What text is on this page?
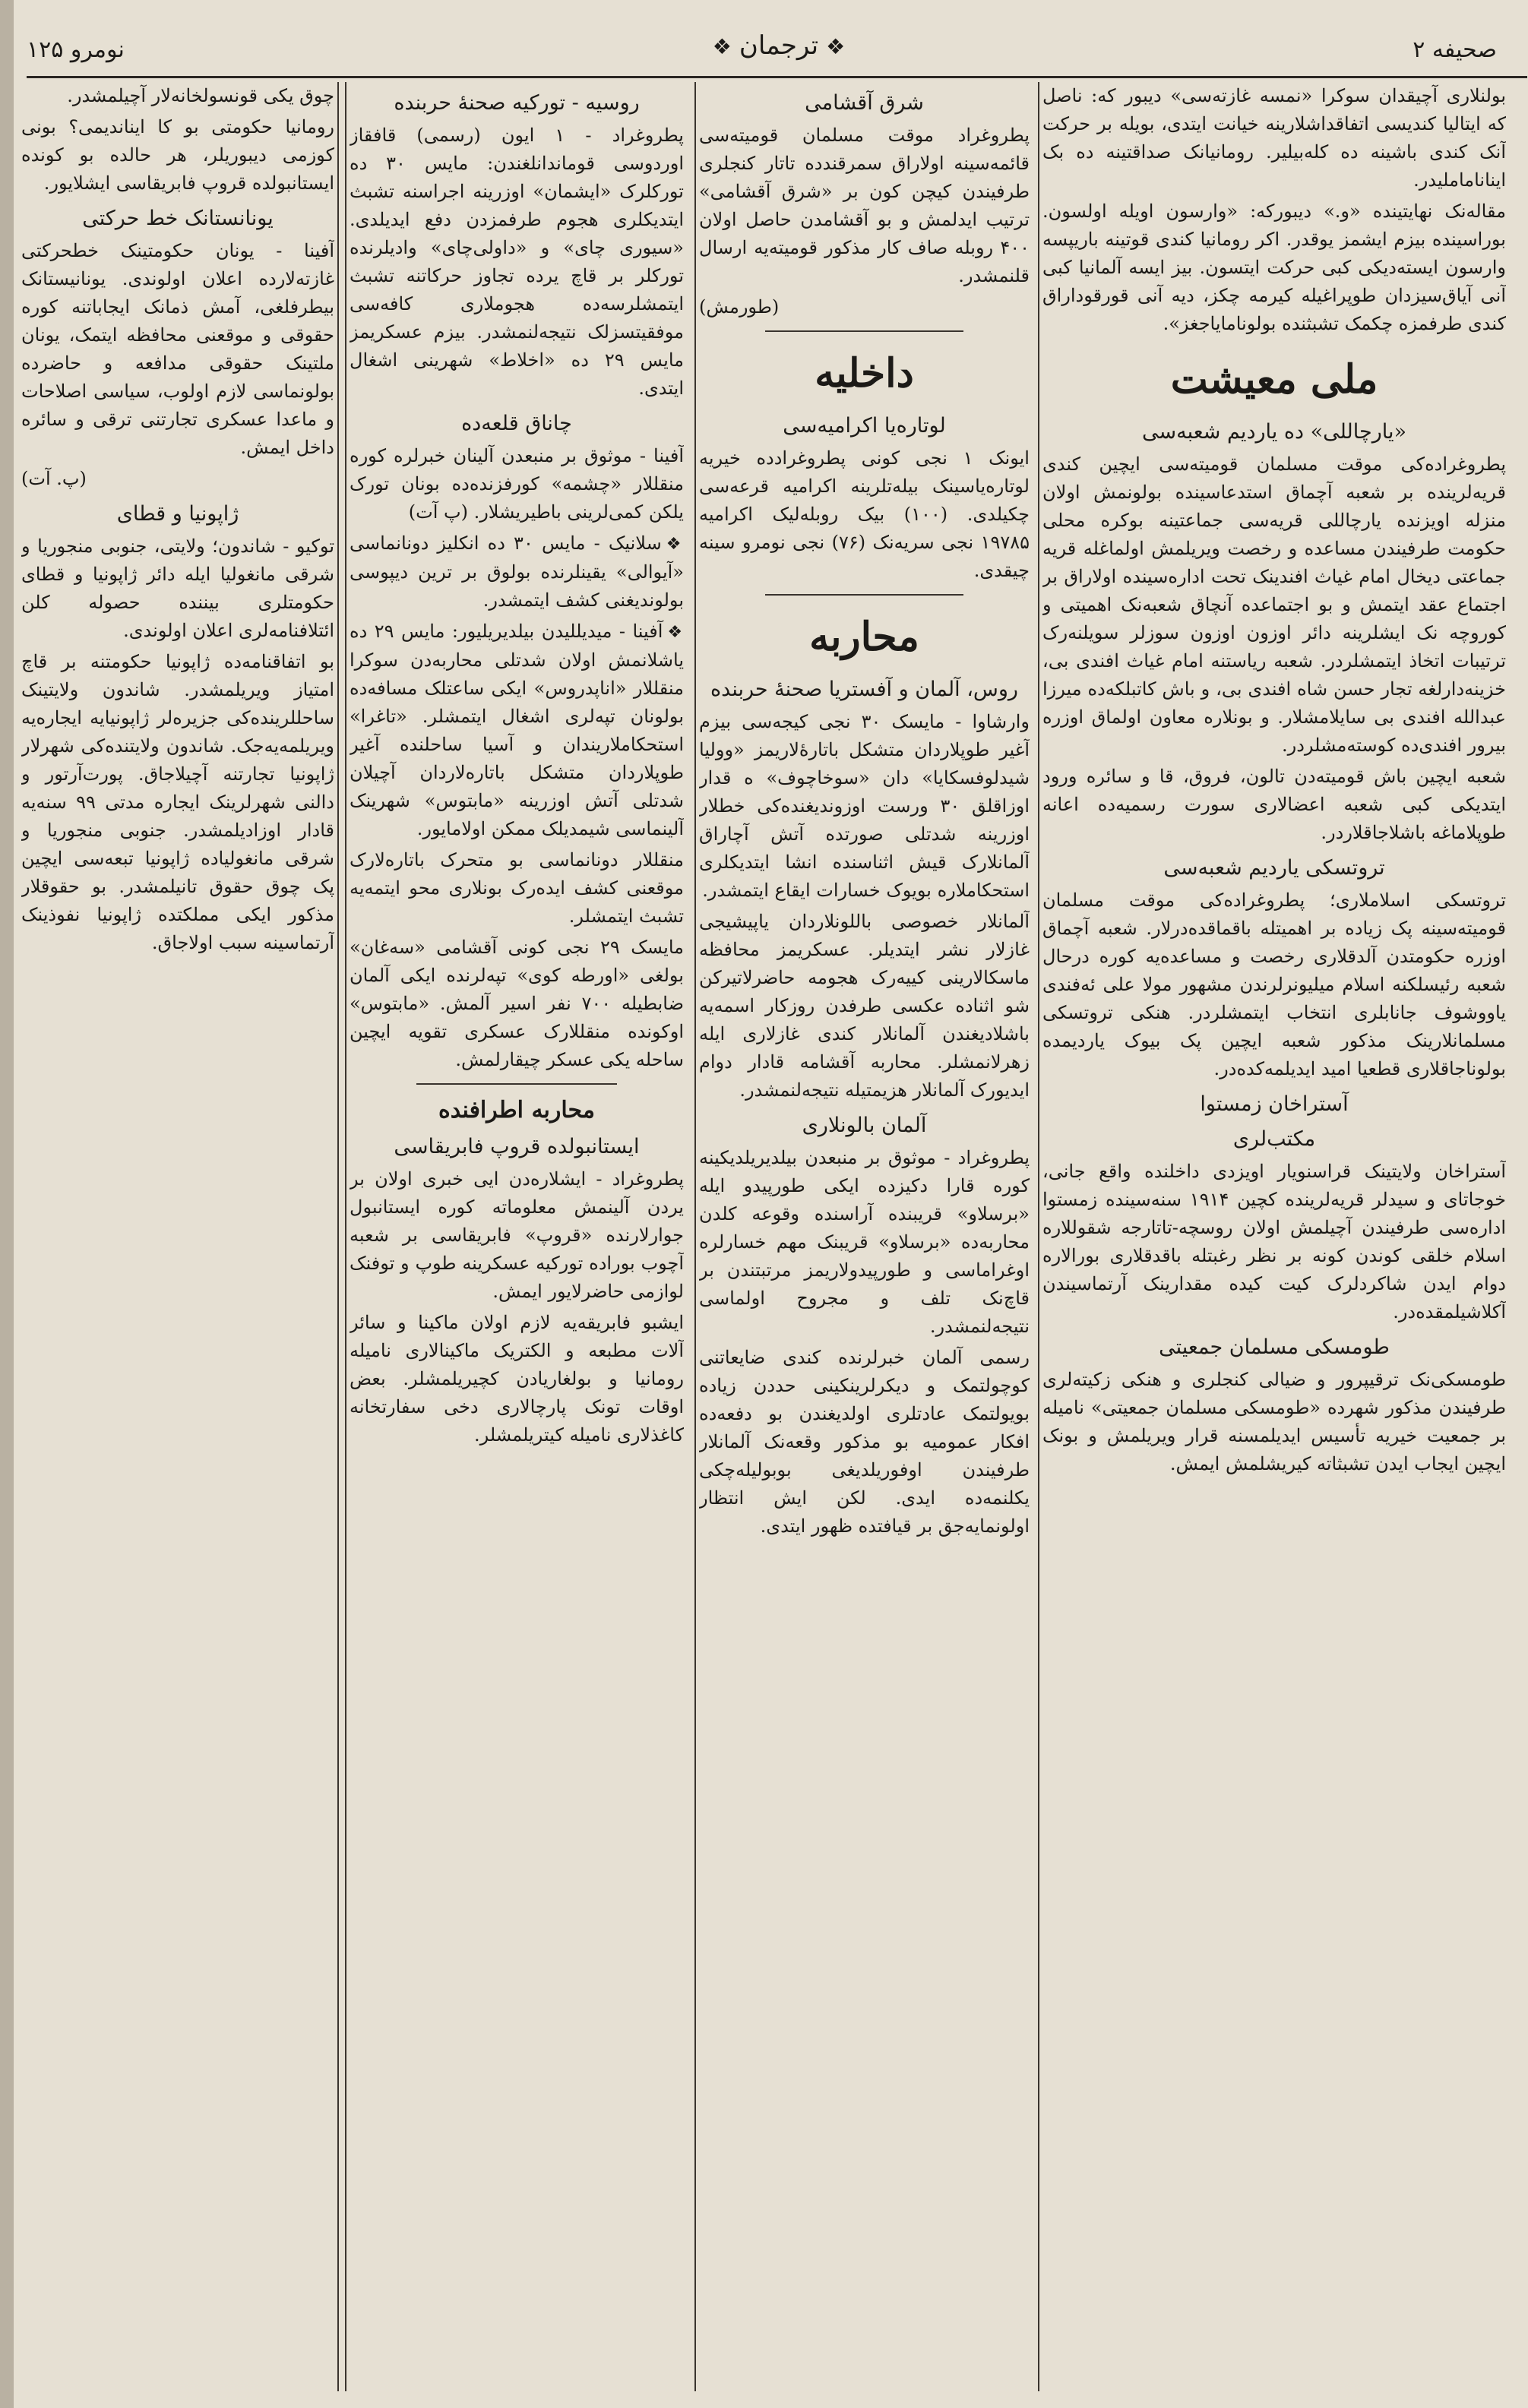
نومرو ۱۲۵	❖ ترجمان ❖	صحیفه ۲

بولنلاری آچیقدان سوکرا «نمسه غازته‌سی» دیبور که: ناصل که ایتالیا کندیسی اتفاقداشلارینه خیانت ایتدی، بویله بر حرکت آنک کندی باشینه ده کله‌بیلیر. رومانیانک صداقتینه ده بک ایناناماملیدر.

مقاله‌نک نهایتینده «و.» دیبورکه: «وارسون اویله اولسون. بوراسینده بیزم ایشمز یوقدر. اکر رومانیا کندی قوتینه باریپسه وارسون ایسته‌دیکی کبی حرکت ایتسون. بیز ایسه آلمانیا کبی آنی آیاق‌سیزدان طوپراغیله کیرمه‌ چکز، دیه آنی قورقوداراق کندی طرفمزه چکمک تشبثنده بولونامایاجغز».

ملی معیشت
«یارچاللی» ده یاردیم شعبه‌سی

پطروغراده‌کی موقت مسلمان قومیته‌سی ایچین کندی قریه‌لرینده بر شعبه آچماق استدعاسینده بولونمش اولان منزله اویزنده یارچاللی قریه‌سی جماعتینه بوکره محلی حکومت طرفیندن مساعده و رخصت ویریلمش اولماغله قریه جماعتی دیخال امام غیاث افندینک تحت اداره‌سینده اولاراق بر اجتماع عقد ایتمش و بو اجتماعده آنچاق شعبه‌نک اهمیتی و کوروچه‌ نک ایشلرینه دائر اوزون اوزون سوزلر سویلنه‌رک ترتیبات اتخاذ ایتمشلردر. شعبه ریاستنه امام غیاث افندی بی، خزینه‌دارلغه تجار حسن شاه افندی بی، و باش کاتبلکه‌ده میرزا عبدالله افندی بی سایلامشلار. و بونلاره معاون اولماق اوزره بیرور افندی‌ده کوسته‌مشلردر.

شعبه ایچین باش قومیته‌دن تالون، فروق، قا و سائره ورود ایتدیکی کبی شعبه اعضالاری سورت رسمیه‌ده اعانه طوپلاماغه باشلاجاقلاردر.

تروتسکی یاردیم شعبه‌سی

تروتسکی اسلاملاری؛ پطروغراده‌کی موقت مسلمان قومیته‌سینه پک زیاده بر اهمیتله باقماقده‌درلار. شعبه آچماق اوزره حکومتدن آلدقلاری رخصت و مساعده‌یه کوره درحال شعبه رئیسلکنه اسلام میلیونرلرندن مشهور مولا علی ئه‌فندی یاووشوف جانابلری انتخاب ایتمشلردر. هنکی تروتسکی مسلمانلارینک مذکور شعبه ایچین پک بیوک یاردیمده بولوناجاقلاری قطعیا امید ایدیلمه‌کده‌در.

آستراخان زمستوا
مکتب‌لری

آستراخان ولایتینک قراسنویار اویزدی داخلنده واقع جانی، خوجاتای و سیدلر قریه‌لرینده کچین ۱۹۱۴ سنه‌سینده زمستوا اداره‌سی طرفیندن آچیلمش اولان روسچه-تاتارجه شقوللاره اسلام خلقی کوندن کونه بر نظر رغبتله باقدقلاری بورالاره دوام ایدن شاکردلرک کیت کیده مقدارینک آرتماسیندن آکلاشیلمقده‌در.

طومسکی مسلمان جمعیتی

طومسکی‌نک ترقیپرور و ضیالی کنجلری و هنکی زکیته‌لری طرفیندن مذکور شهرده «طومسکی مسلمان جمعیتی» نامیله بر جمعیت خیریه تأسیس ایدیلمسنه قرار ویریلمش و بونک ایچین ایجاب ایدن تشبثاته کیریشلمش ایمش.

شرق آقشامی

پطروغراد موقت مسلمان قومیته‌سی قائمه‌سینه اولاراق سمرقندده تاتار کنجلری طرفیندن کیچن کون بر «شرق آقشامی» ترتیب ایدلمش و بو آقشامدن حاصل اولان ۴۰۰ روبله صاف کار مذکور قومیته‌یه ارسال قلنمشدر.

(طورمش)

داخلیه
لوتاره‌یا اکرامیه‌سی

ایونک ۱ نجی کونی پطروغرادده خیریه لوتاره‌یاسینک بیله‌تلرینه اکرامیه قرعه‌سی چکیلدی. (۱۰۰) بیک روبله‌لیک اکرامیه ۱۹۷۸۵ نجی سریه‌نک (۷۶) نجی نومرو سینه چیقدی.

محاربه
روس، آلمان و آفستریا صحنهٔ حربنده

وارشاوا - مایسک ۳۰ نجی کیجه‌سی بیزم آغیر طوپلاردان متشکل باتارهٔ‌لاریمز «وولیا شیدلوفسکایا» دان «سوخاچوف» ه قدار اوزاقلق ۳۰ ورست اوزوندیغنده‌کی خطلار اوزرینه شدتلی صورتده آتش آچاراق آلمانلارک قیش اثناسنده انشا ایتدیکلری استحکاملاره بویوک خسارات ایقاع ایتمشدر.

آلمانلار خصوصی باللونلاردان یاپیشیجی غازلار نشر ایتدیلر. عسکریمز محافظه ماسکالارینی کییه‌رک هجومه حاضرلاتیرکن شو اثناده عکسی طرفدن روزکار اسمه‌یه باشلادیغندن آلمانلار کندی غازلاری ایله زهرلانمشلر. محاربه آقشامه قادار دوام ایدیورک آلمانلار هزیمتیله نتیجه‌لنمشدر.

آلمان بالونلاری

پطروغراد - موثوق بر منبعدن بیلدیریلدیکینه کوره قارا دکیزده ایکی طورپیدو ایله «برسلاو» قریبنده آراسنده وقوعه کلدن محاربه‌ده «برسلاو» قریبنک مهم خسارلره اوغراماسی و طورپیدولاریمز مرتبتندن بر قاچ‌نک تلف و مجروح اولماسی نتیجه‌لنمشدر.

رسمی آلمان خبرلرنده کندی ضایعاتنی کوچولتمک و دیکرلرینکینی حددن زیاده بویولتمک عادتلری اولدیغندن بو دفعه‌ده افکار عمومیه بو مذکور وقعه‌نک آلمانلار طرفیندن اوفوریلدیغی بوبولیله‌چکی یکلنمه‌ده ایدی. لکن ایش انتظار اولونمایه‌جق بر قیافتده ظهور ایتدی.

روسیه - توركیه صحنهٔ حربنده

پطروغراد - ۱ ایون (رسمی) قافقاز اوردوسی قوماندانلغندن: مایس ۳۰ ده تورکلرک «ایشمان» اوزرینه اجراسنه تشبث ایتدیکلری هجوم طرفمزدن دفع ایدیلدی. «سیوری چای» و «داولی‌چای» وادیلرنده تورکلر بر قاچ یرده تجاوز حرکاتنه تشبث ایتمشلرسه‌ده هجوملاری کافه‌سی موفقیتسزلک نتیجه‌لنمشدر. بیزم عسکریمز مایس ۲۹ ده «اخلاط» شهرینی اشغال ایتدی.

چاناق قلعه‌ده

آفینا - موثوق بر منبعدن آلینان خبرلره کوره منقللار «چشمه» کورفزنده‌ده بونان تورک یلکن کمی‌لرینی باطیریشلار. (پ آت)

❖سلانیک - مایس ۳۰ ده انکلیز دونانماسی «آیوالی» یقینلرنده بولوق بر ترین دیپوسی بولوندیغنی کشف ایتمشدر.

❖آفینا - میدیللیدن بیلدیریلیور: مایس ۲۹ ده یاشلانمش اولان شدتلی محاربه‌دن سوکرا منقللار «اناپدروس» ایکی ساعتلک مسافه‌ده بولونان تپه‌لری اشغال ایتمشلر. «تاغرا» استحکاملاریندان و آسیا ساحلنده آغیر طوپلاردان متشکل باتاره‌لاردان آچیلان شدتلی آتش اوزرینه «مابتوس» شهرینک آلینماسی شیمدیلک ممکن اولامایور.

منقللار دونانماسی بو متحرک باتاره‌لارک موقعنی کشف ایده‌رک بونلاری محو ایتمه‌یه تشبث ایتمشلر.

مایسک ۲۹ نجی کونی آقشامی «سه‌غان» بولغی «اورطه کوی» تپه‌لرنده ایکی آلمان ضابطیله ۷۰۰ نفر اسیر آلمش. «مابتوس» اوکونده منقللارک عسکری تقویه ایچین ساحله یکی عسکر چیقارلمش.

محاربه اطرافنده
ایستانبولده قروپ فابریقاسی

پطروغراد - ایشلاره‌دن ایی خبری اولان بر یردن آلینمش معلوماته کوره ایستانبول جوارلارنده «قروپ» فابریقاسی بر شعبه آچوب بوراده تورکیه عسکرینه طوپ و توفنک لوازمی حاضرلایور ایمش.

ایشبو فابریقه‌یه لازم اولان ماکینا و سائر آلات مطبعه و الکتریک ماکینالاری نامیله رومانیا و بولغاریادن کچیریلمشلر. بعض اوقات تونک پارچالاری دخی سفارتخانه کاغذلاری نامیله کیتریلمشلر.

چوق یکی قونسولخانه‌لار آچیلمشدر.

رومانیا حکومتی بو کا ایناندیمی؟ بونی کوزمی دیبوریلر، هر حالده بو کونده ایستانبولده قروپ فابریقاسی ایشلایور.

یونانستانک خط حرکتی

آفینا - یونان حکومتینک خطحرکتی غازته‌لارده اعلان اولوندی. یونانیستانک بیطرفلغی، آمش ذمانک ایجاباتنه کوره حقوقی و موقعنی محافظه ایتمک، یونان ملتینک حقوقی مدافعه و حاضرده بولونماسی لازم اولوب، سیاسی اصلاحات و ماعدا عسکری تجارتنی ترقی و سائره داخل ایمش.

(پ. آت)

ژاپونیا و قطای

توکیو - شاندون؛ ولایتی، جنوبی منجوریا و شرقی مانغولیا ایله دائر ژاپونیا و قطای حکومتلری بیننده حصوله کلن ائتلافنامه‌لری اعلان اولوندی.

بو اتفاقنامه‌ده ژاپونیا حکومتنه بر قاچ امتیاز ویریلمشدر. شاندون ولایتینک ساحللرینده‌کی جزیره‌لر ژاپونیایه ایجاره‌یه ویریلمه‌یه‌جک. شاندون ولایتنده‌کی شهرلار ژاپونیا تجارتنه آچیلاجاق. پورت‌آرتور و دالنی شهرلرینک ایجاره مدتی ۹۹ سنه‌یه قادار اوزادیلمشدر. جنوبی منجوریا و شرقی مانغولیاده ژاپونیا تبعه‌سی ایچین پک چوق حقوق تانیلمشدر. بو حقوقلار مذکور ایکی مملکتده ژاپونیا نفوذینک آرتماسینه سبب اولاجاق.
